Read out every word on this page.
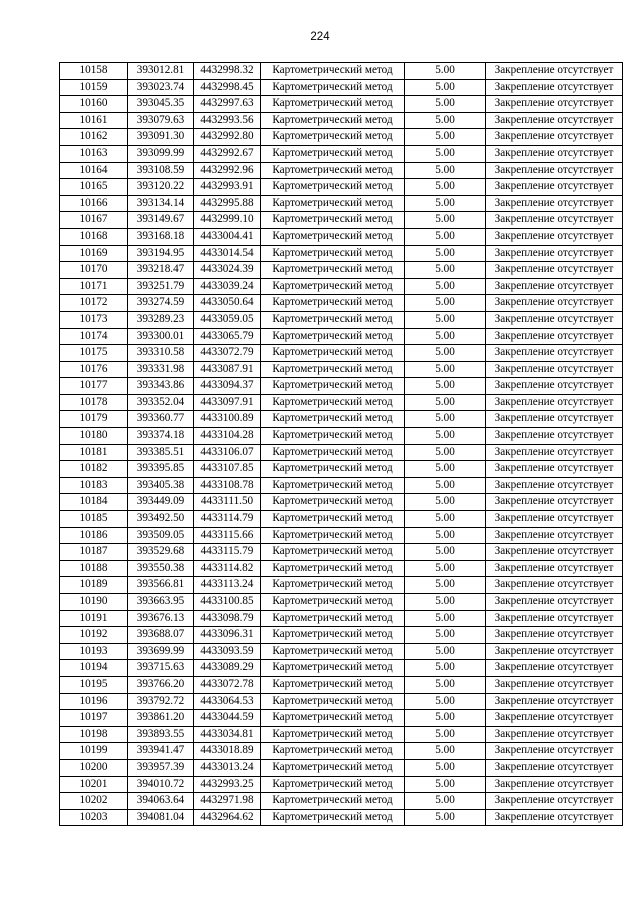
224
10158	393012.81	4432998.32	Картометрический метод	5.00	Закрепление отсутствует
10159	393023.74	4432998.45	Картометрический метод	5.00	Закрепление отсутствует
10160	393045.35	4432997.63	Картометрический метод	5.00	Закрепление отсутствует
10161	393079.63	4432993.56	Картометрический метод	5.00	Закрепление отсутствует
10162	393091.30	4432992.80	Картометрический метод	5.00	Закрепление отсутствует
10163	393099.99	4432992.67	Картометрический метод	5.00	Закрепление отсутствует
10164	393108.59	4432992.96	Картометрический метод	5.00	Закрепление отсутствует
10165	393120.22	4432993.91	Картометрический метод	5.00	Закрепление отсутствует
10166	393134.14	4432995.88	Картометрический метод	5.00	Закрепление отсутствует
10167	393149.67	4432999.10	Картометрический метод	5.00	Закрепление отсутствует
10168	393168.18	4433004.41	Картометрический метод	5.00	Закрепление отсутствует
10169	393194.95	4433014.54	Картометрический метод	5.00	Закрепление отсутствует
10170	393218.47	4433024.39	Картометрический метод	5.00	Закрепление отсутствует
10171	393251.79	4433039.24	Картометрический метод	5.00	Закрепление отсутствует
10172	393274.59	4433050.64	Картометрический метод	5.00	Закрепление отсутствует
10173	393289.23	4433059.05	Картометрический метод	5.00	Закрепление отсутствует
10174	393300.01	4433065.79	Картометрический метод	5.00	Закрепление отсутствует
10175	393310.58	4433072.79	Картометрический метод	5.00	Закрепление отсутствует
10176	393331.98	4433087.91	Картометрический метод	5.00	Закрепление отсутствует
10177	393343.86	4433094.37	Картометрический метод	5.00	Закрепление отсутствует
10178	393352.04	4433097.91	Картометрический метод	5.00	Закрепление отсутствует
10179	393360.77	4433100.89	Картометрический метод	5.00	Закрепление отсутствует
10180	393374.18	4433104.28	Картометрический метод	5.00	Закрепление отсутствует
10181	393385.51	4433106.07	Картометрический метод	5.00	Закрепление отсутствует
10182	393395.85	4433107.85	Картометрический метод	5.00	Закрепление отсутствует
10183	393405.38	4433108.78	Картометрический метод	5.00	Закрепление отсутствует
10184	393449.09	4433111.50	Картометрический метод	5.00	Закрепление отсутствует
10185	393492.50	4433114.79	Картометрический метод	5.00	Закрепление отсутствует
10186	393509.05	4433115.66	Картометрический метод	5.00	Закрепление отсутствует
10187	393529.68	4433115.79	Картометрический метод	5.00	Закрепление отсутствует
10188	393550.38	4433114.82	Картометрический метод	5.00	Закрепление отсутствует
10189	393566.81	4433113.24	Картометрический метод	5.00	Закрепление отсутствует
10190	393663.95	4433100.85	Картометрический метод	5.00	Закрепление отсутствует
10191	393676.13	4433098.79	Картометрический метод	5.00	Закрепление отсутствует
10192	393688.07	4433096.31	Картометрический метод	5.00	Закрепление отсутствует
10193	393699.99	4433093.59	Картометрический метод	5.00	Закрепление отсутствует
10194	393715.63	4433089.29	Картометрический метод	5.00	Закрепление отсутствует
10195	393766.20	4433072.78	Картометрический метод	5.00	Закрепление отсутствует
10196	393792.72	4433064.53	Картометрический метод	5.00	Закрепление отсутствует
10197	393861.20	4433044.59	Картометрический метод	5.00	Закрепление отсутствует
10198	393893.55	4433034.81	Картометрический метод	5.00	Закрепление отсутствует
10199	393941.47	4433018.89	Картометрический метод	5.00	Закрепление отсутствует
10200	393957.39	4433013.24	Картометрический метод	5.00	Закрепление отсутствует
10201	394010.72	4432993.25	Картометрический метод	5.00	Закрепление отсутствует
10202	394063.64	4432971.98	Картометрический метод	5.00	Закрепление отсутствует
10203	394081.04	4432964.62	Картометрический метод	5.00	Закрепление отсутствует
